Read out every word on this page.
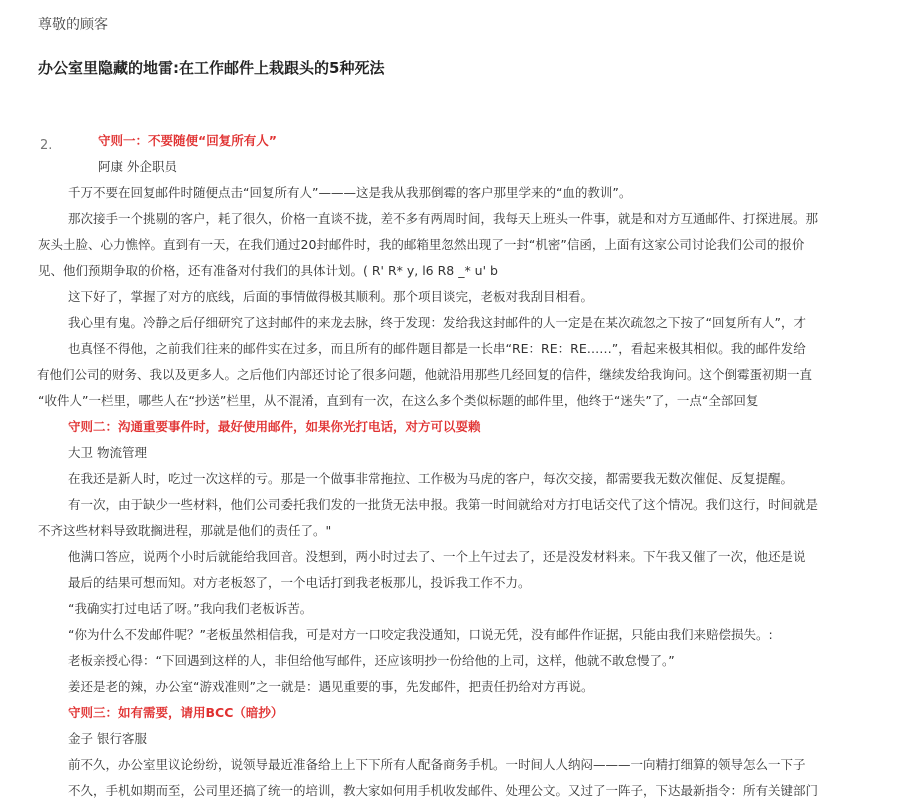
尊敬的顾客
办公室里隐藏的地雷:在工作邮件上栽跟头的5种死法
2.	守则一：不要随便“回复所有人”
阿康 外企职员
千万不要在回复邮件时随便点击“回复所有人”———这是我从我那倒霉的客户那里学来的“血的教训”。
那次接手一个挑剔的客户，耗了很久，价格一直谈不拢，差不多有两周时间，我每天上班头一件事，就是和对方互通邮件、打探进展。那
灰头土脸、心力憔悴。直到有一天，在我们通过20封邮件时，我的邮箱里忽然出现了一封“机密”信函，上面有这家公司讨论我们公司的报价
见、他们预期争取的价格，还有准备对付我们的具体计划。( R' R* y, l6 R8 _* u' b
这下好了，掌握了对方的底线，后面的事情做得极其顺利。那个项目谈完，老板对我刮目相看。
我心里有鬼。冷静之后仔细研究了这封邮件的来龙去脉，终于发现：发给我这封邮件的人一定是在某次疏忽之下按了“回复所有人”，才
也真怪不得他，之前我们往来的邮件实在过多，而且所有的邮件题目都是一长串“RE：RE：RE……”，看起来极其相似。我的邮件发给
有他们公司的财务、我以及更多人。之后他们内部还讨论了很多问题，他就沿用那些几经回复的信件，继续发给我询问。这个倒霉蛋初期一直
“收件人”一栏里，哪些人在“抄送”栏里，从不混淆，直到有一次，在这么多个类似标题的邮件里，他终于“迷失”了，一点“全部回复
守则二：沟通重要事件时，最好使用邮件，如果你光打电话，对方可以耍赖
大卫 物流管理
在我还是新人时，吃过一次这样的亏。那是一个做事非常拖拉、工作极为马虎的客户，每次交接，都需要我无数次催促、反复提醒。
有一次，由于缺少一些材料，他们公司委托我们发的一批货无法申报。我第一时间就给对方打电话交代了这个情况。我们这行，时间就是
不齐这些材料导致耽搁进程，那就是他们的责任了。"
他满口答应，说两个小时后就能给我回音。没想到，两小时过去了、一个上午过去了，还是没发材料来。下午我又催了一次，他还是说
最后的结果可想而知。对方老板怒了，一个电话打到我老板那儿，投诉我工作不力。
“我确实打过电话了呀。”我向我们老板诉苦。
“你为什么不发邮件呢？”老板虽然相信我，可是对方一口咬定我没通知，口说无凭，没有邮件作证据，只能由我们来赔偿损失。:
老板亲授心得：“下回遇到这样的人，非但给他写邮件，还应该明抄一份给他的上司，这样，他就不敢怠慢了。”
姜还是老的辣，办公室“游戏准则”之一就是：遇见重要的事，先发邮件，把责任扔给对方再说。
守则三：如有需要，请用BCC（暗抄）
金子 银行客服
前不久，办公室里议论纷纷，说领导最近准备给上上下下所有人配备商务手机。一时间人人纳闷———一向精打细算的领导怎么一下子
不久，手机如期而至，公司里还搞了统一的培训，教大家如何用手机收发邮件、处理公文。又过了一阵子，下达最新指令：所有关键部门
